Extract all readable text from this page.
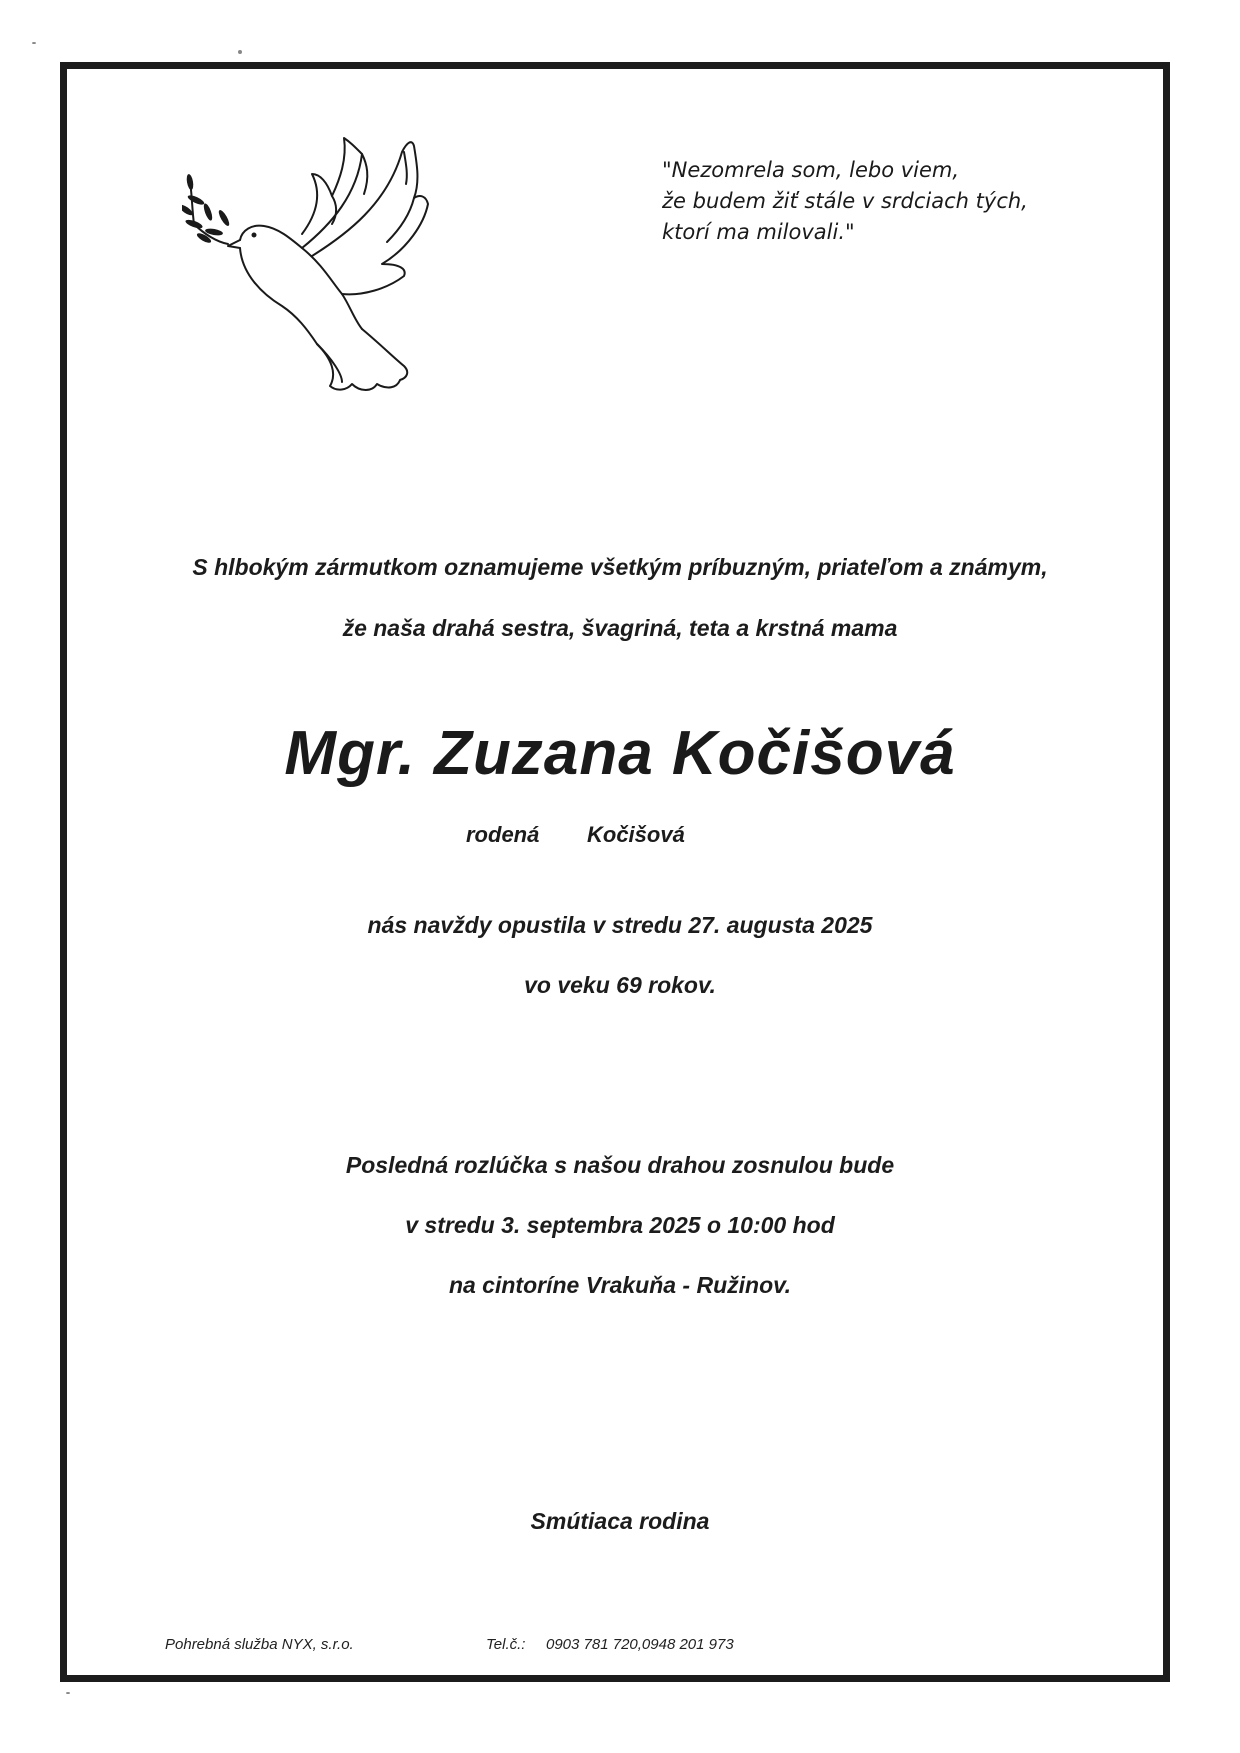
"Nezomrela som, lebo viem,
že budem žiť stále v srdciach tých,
ktorí ma milovali."
S hlbokým zármutkom oznamujeme všetkým príbuzným, priateľom a známym,
že naša drahá sestra, švagriná, teta a krstná mama
Mgr. Zuzana Kočišová
rodená Kočišová
nás navždy opustila v stredu 27. augusta 2025
vo veku 69 rokov.
Posledná rozlúčka s našou drahou zosnulou bude
v stredu 3. septembra 2025 o 10:00 hod
na cintoríne Vrakuňa - Ružinov.
Smútiaca rodina
Pohrebná služba NYX, s.r.o.	Tel.č.: 0903 781 720,0948 201 973
